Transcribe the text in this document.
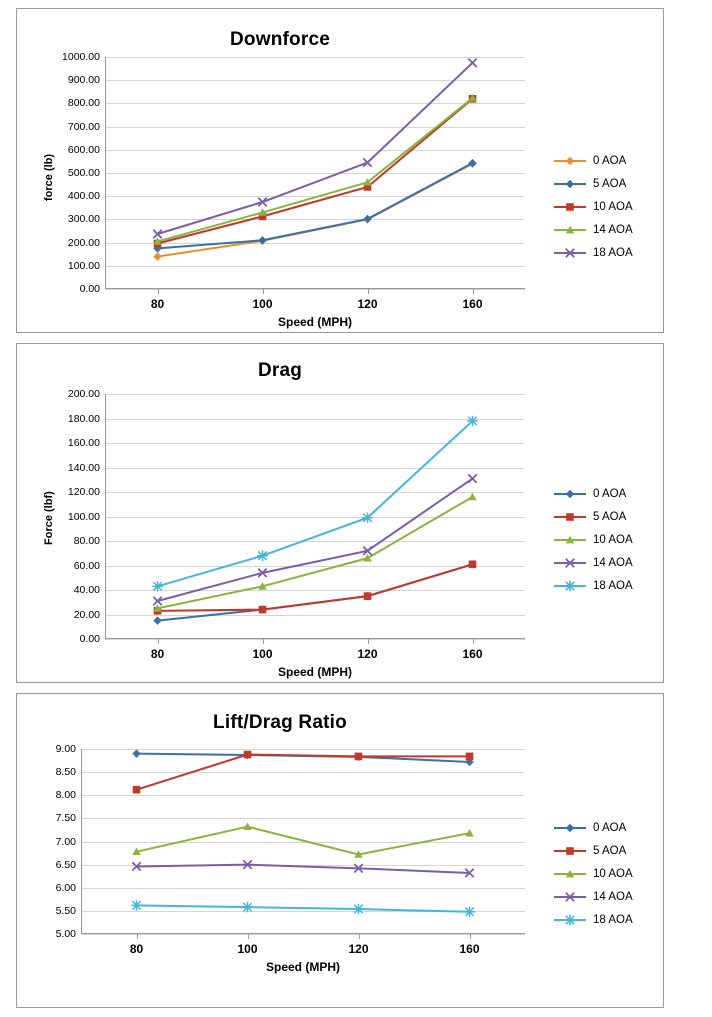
Downforce
0.00
100.00
200.00
300.00
400.00
500.00
600.00
700.00
800.00
900.00
1000.00
80	100	120	160
Speed (MPH)
force (lb)	0 AOA
5 AOA
10 AOA
14 AOA
18 AOA
Drag
0.00
20.00
40.00
60.00
80.00
100.00
120.00
140.00
160.00
180.00
200.00
80	100	120	160
Speed (MPH)
Force (lbf)	0 AOA
5 AOA
10 AOA
14 AOA
18 AOA
Lift/Drag Ratio
5.00
5.50
6.00
6.50
7.00
7.50
8.00
8.50
9.00
80	100	120	160
Speed (MPH)
0 AOA
5 AOA
10 AOA
14 AOA
18 AOA
